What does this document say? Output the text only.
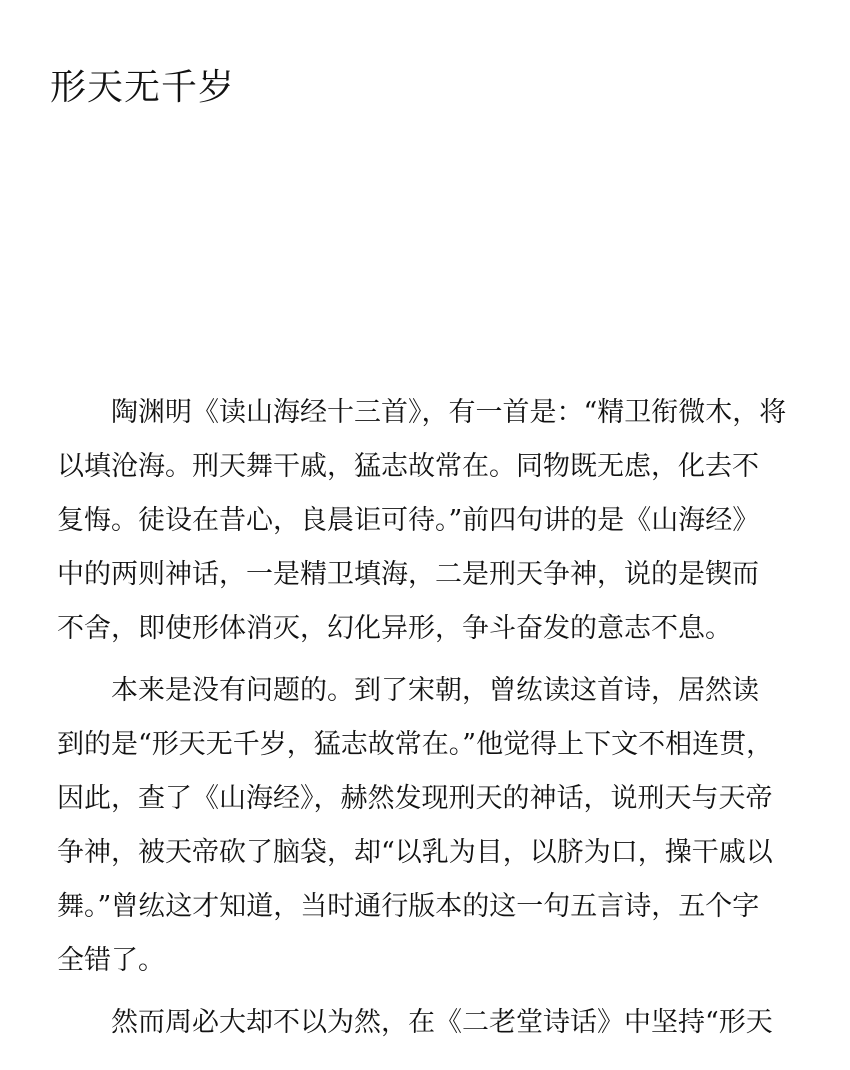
形天无千岁
陶渊明《读山海经十三首》，有一首是：“精卫衔微木，将
以填沧海。刑天舞干戚，猛志故常在。同物既无虑，化去不
复悔。徒设在昔心，良晨讵可待。”前四句讲的是《山海经》
中的两则神话，一是精卫填海，二是刑天争神，说的是锲而
不舍，即使形体消灭，幻化异形，争斗奋发的意志不息。
本来是没有问题的。到了宋朝，曾纮读这首诗，居然读
到的是“形天无千岁，猛志故常在。”他觉得上下文不相连贯，
因此，查了《山海经》，赫然发现刑天的神话，说刑天与天帝
争神，被天帝砍了脑袋，却“以乳为目，以脐为口，操干戚以
舞。”曾纮这才知道，当时通行版本的这一句五言诗，五个字
全错了。
然而周必大却不以为然，在《二老堂诗话》中坚持“形天
